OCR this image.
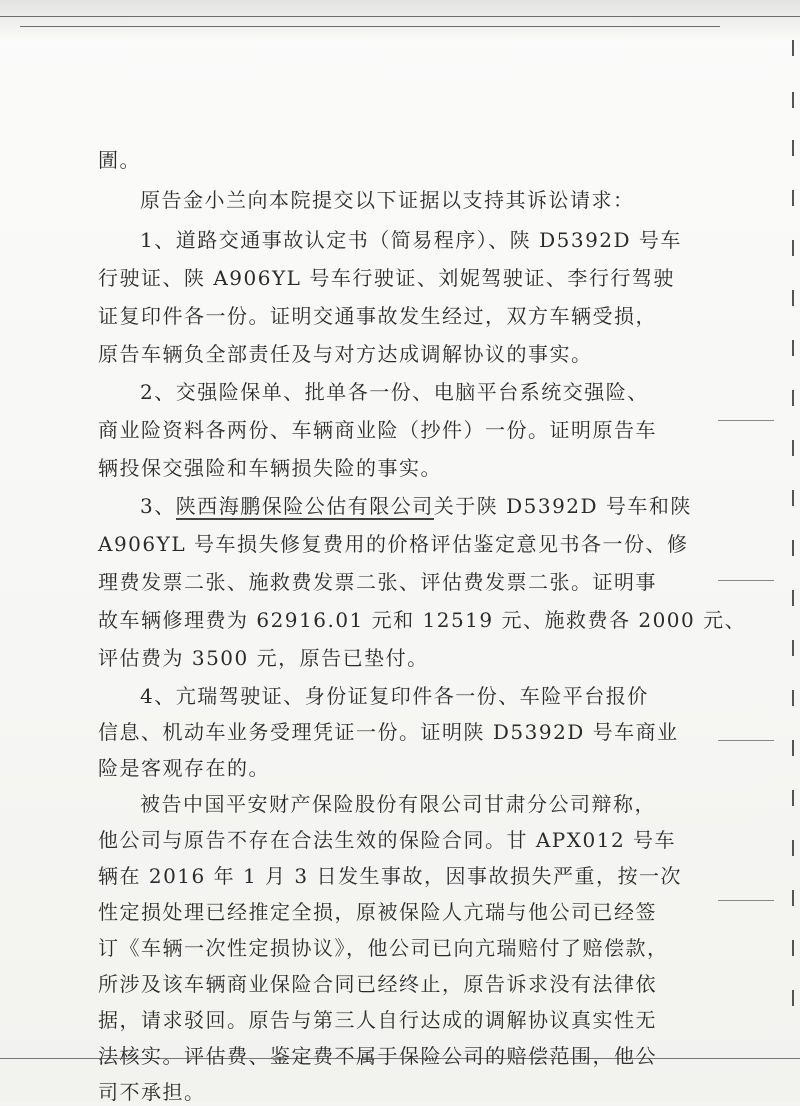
圊。
原告金小兰向本院提交以下证据以支持其诉讼请求：
1、道路交通事故认定书（简易程序）、陕 D5392D 号车
行驶证、陕 A906YL 号车行驶证、刘妮驾驶证、李行行驾驶
证复印件各一份。证明交通事故发生经过，双方车辆受损，
原告车辆负全部责任及与对方达成调解协议的事实。
2、交强险保单、批单各一份、电脑平台系统交强险、
商业险资料各两份、车辆商业险（抄件）一份。证明原告车
辆投保交强险和车辆损失险的事实。
3、陕西海鹏保险公估有限公司关于陕 D5392D 号车和陕
A906YL 号车损失修复费用的价格评估鉴定意见书各一份、修
理费发票二张、施救费发票二张、评估费发票二张。证明事
故车辆修理费为 62916.01 元和 12519 元、施救费各 2000 元、
评估费为 3500 元，原告已垫付。
4、亢瑞驾驶证、身份证复印件各一份、车险平台报价
信息、机动车业务受理凭证一份。证明陕 D5392D 号车商业
险是客观存在的。
被告中国平安财产保险股份有限公司甘肃分公司辩称，
他公司与原告不存在合法生效的保险合同。甘 APX012 号车
辆在 2016 年 1 月 3 日发生事故，因事故损失严重，按一次
性定损处理已经推定全损，原被保险人亢瑞与他公司已经签
订《车辆一次性定损协议》，他公司已向亢瑞赔付了赔偿款，
所涉及该车辆商业保险合同已经终止，原告诉求没有法律依
据，请求驳回。原告与第三人自行达成的调解协议真实性无
法核实。评估费、鉴定费不属于保险公司的赔偿范围，他公
司不承担。
